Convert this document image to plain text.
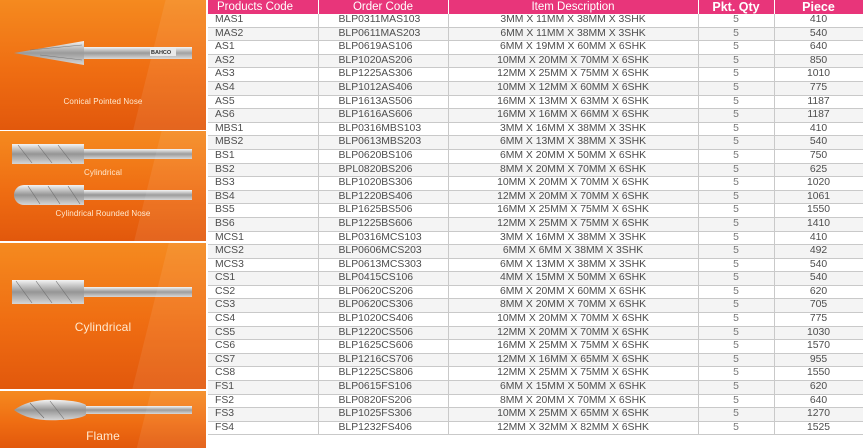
BAHCO
Conical Pointed Nose
Cylindrical
Cylindrical Rounded Nose
Cylindrical
Flame
Products Code	Order Code	Item Description	Pkt. Qty	Piece
MAS1	BLP0311MAS103	3MM X 11MM X 38MM X 3SHK	5	410
MAS2	BLP0611MAS203	6MM X 11MM X 38MM X 3SHK	5	540
AS1	BLP0619AS106	6MM X 19MM X 60MM X 6SHK	5	640
AS2	BLP1020AS206	10MM X 20MM X 70MM X 6SHK	5	850
AS3	BLP1225AS306	12MM X 25MM X 75MM X 6SHK	5	1010
AS4	BLP1012AS406	10MM X 12MM X 60MM X 6SHK	5	775
AS5	BLP1613AS506	16MM X 13MM X 63MM X 6SHK	5	1187
AS6	BLP1616AS606	16MM X 16MM X 66MM X 6SHK	5	1187
MBS1	BLP0316MBS103	3MM X 16MM X 38MM X 3SHK	5	410
MBS2	BLP0613MBS203	6MM X 13MM X 38MM X 3SHK	5	540
BS1	BLP0620BS106	6MM X 20MM X 50MM X 6SHK	5	750
BS2	BPL0820BS206	8MM X 20MM X 70MM X 6SHK	5	625
BS3	BLP1020BS306	10MM X 20MM X 70MM X 6SHK	5	1020
BS4	BLP1220BS406	12MM X 20MM X 70MM X 6SHK	5	1061
BS5	BLP1625BS506	16MM X 25MM X 75MM X 6SHK	5	1550
BS6	BLP1225BS606	12MM X 25MM X 75MM X 6SHK	5	1410
MCS1	BLP0316MCS103	3MM X 16MM X 38MM X 3SHK	5	410
MCS2	BLP0606MCS203	6MM X 6MM X 38MM X 3SHK	5	492
MCS3	BLP0613MCS303	6MM X 13MM X 38MM X 3SHK	5	540
CS1	BLP0415CS106	4MM X 15MM X 50MM X 6SHK	5	540
CS2	BLP0620CS206	6MM X 20MM X 60MM X 6SHK	5	620
CS3	BLP0620CS306	8MM X 20MM X 70MM X 6SHK	5	705
CS4	BLP1020CS406	10MM X 20MM X 70MM X 6SHK	5	775
CS5	BLP1220CS506	12MM X 20MM X 70MM X 6SHK	5	1030
CS6	BLP1625CS606	16MM X 25MM X 75MM X 6SHK	5	1570
CS7	BLP1216CS706	12MM X 16MM X 65MM X 6SHK	5	955
CS8	BLP1225CS806	12MM X 25MM X 75MM X 6SHK	5	1550
FS1	BLP0615FS106	6MM X 15MM X 50MM X 6SHK	5	620
FS2	BLP0820FS206	8MM X 20MM X 70MM X 6SHK	5	640
FS3	BLP1025FS306	10MM X 25MM X 65MM X 6SHK	5	1270
FS4	BLP1232FS406	12MM X 32MM X 82MM X 6SHK	5	1525
